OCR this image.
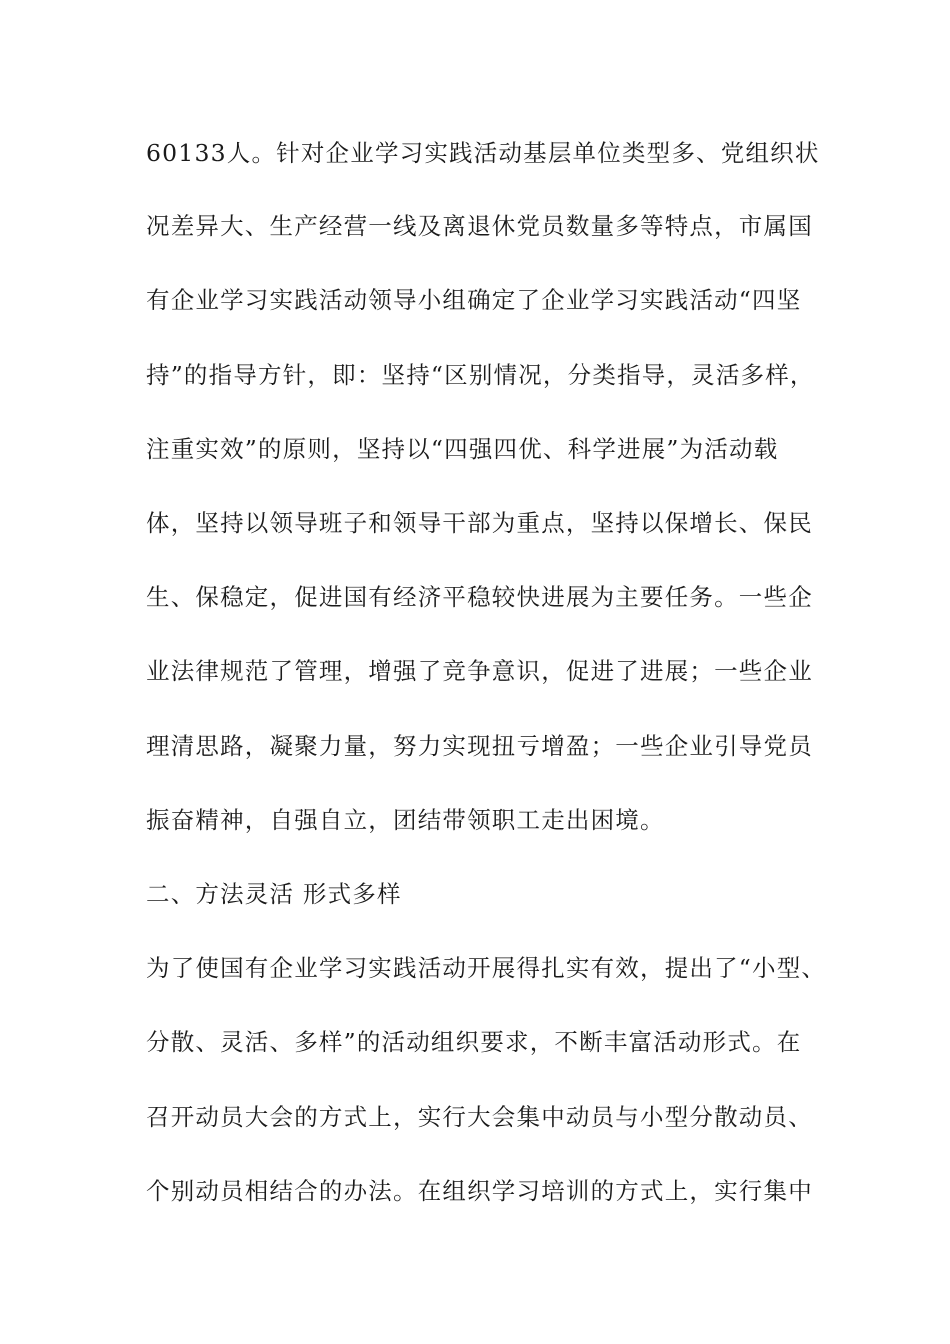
60133人。针对企业学习实践活动基层单位类型多、党组织状
况差异大、生产经营一线及离退休党员数量多等特点，市属国
有企业学习实践活动领导小组确定了企业学习实践活动“四坚
持”的指导方针，即：坚持“区别情况，分类指导，灵活多样，
注重实效”的原则，坚持以“四强四优、科学进展”为活动载
体，坚持以领导班子和领导干部为重点，坚持以保增长、保民
生、保稳定，促进国有经济平稳较快进展为主要任务。一些企
业法律规范了管理，增强了竞争意识，促进了进展；一些企业
理清思路，凝聚力量，努力实现扭亏增盈；一些企业引导党员
振奋精神，自强自立，团结带领职工走出困境。
二、方法灵活 形式多样
为了使国有企业学习实践活动开展得扎实有效，提出了“小型、
分散、灵活、多样”的活动组织要求，不断丰富活动形式。在
召开动员大会的方式上，实行大会集中动员与小型分散动员、
个别动员相结合的办法。在组织学习培训的方式上，实行集中
